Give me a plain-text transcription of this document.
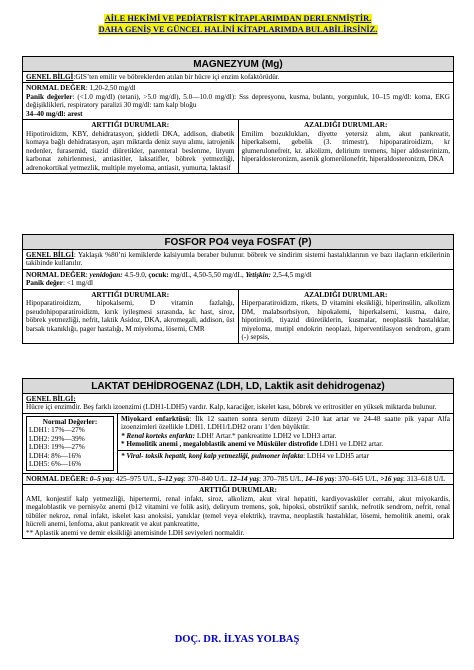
AİLE HEKİMİ VE PEDİATRİST KİTAPLARIMDAN DERLENMİŞTİR.
DAHA GENİŞ VE GÜNCEL HALİNİ KİTAPLARIMDA BULABİLİRSİNİZ.
MAGNEZYUM (Mg)
GENEL BİLGİ:GIS’ten emilir ve böbreklerden atılan bir hücre içi enzim kofaktörüdür.
NORMAL DEĞER: 1,20-2,50 mg/dl
Panik değerler: (<1.0 mg/dl) (tetani), >5.0 mg/dl), 5.0—10.0 mg/dl): Sss depresyonu, kusma, bulantı, yorgunluk, 10–15 mg/dl: koma, EKG değişiklikleri, respiratory paralizi 30 mg/dl: tam kalp bloğu
34–40 mg/dl: arest
ARTTIĞI DURUMLAR:
Hipotiroidizm, KBY, dehidratasyon, şiddetli DKA, addison, diabetik komayа bağlı dehidratasyon, aşırı miktarda deniz suyu alımı, iatrojenik nedenler, furasemid, tiazid diüretikler, parenteral beslenme, lityum karbonat zehirlenmesi, antiasitler, laksatifler, böbrek yetmezliği, adrenokortikal yetmezlik, multiple myeloma, antiasit, yumurta, laktasif
AZALDIĞI DURUMLAR:
Emilim bozuklukları, diyette yetersiz alım, akut pankreatit, hiperkalsemi, gebelik (3. trimestr), hipoparatiroidizm, kr glumerulonefreit, kr. alkolizm, delirium tremens, hiper aldosterinizm, hiperaldosteronizm, asenik glomerülonefrit, hiperaldosteronizm, DKA
FOSFOR PO4 veya FOSFAT (P)
GENEL BİLGİ: Yaklaşık %80’ni kemiklerde kalsiyumla beraber bulunur. böbrek ve sindirim sistemi hastalıklarının ve bazı ilaçların etkilerinin takibinde kullanılır.
NORMAL DEĞER: yenidoğan: 4.5-9.0, çocuk: mg/dL, 4,50-5,50 mg/dL, Yetişkin: 2,5-4,5 mg/dl
Panik değer: <1 mg/dl
ARTTIĞI DURUMLAR:
Hipoparatiroidizm, hipokalsemi, D vitamin fazlalığı, pseudohipoparatiroidizm, kırık iyileşmesi sırasında, kc hast, siroz, böbrek yetmezliği, nefrit, laktik Asidoz, DKA, akromegali, addison, üst barsak tıkanıklığı, pager hastalığı, M miyeloma, lösemi, CMR
AZALDIĞI DURUMLAR:
Hiperparatiroidizm, rikets, D vitamini eksikliği, hiperinsülin, alkolizm DM, malabsorbsiyon, hipokalemi, hiperkalsemi, kusma, daire, hipotiroidi, tiyazid diüretiklerin, kusmalar, neoplastik hastalıklar, miyeloma, mutipl endokrin neoplazi, hiperventilasyon sendrom, gram (-) sepsis,
LAKTAT DEHİDROGENAZ (LDH, LD, Laktik asit dehidrogenaz)
GENEL BİLGİ:
Hücre içi enzimdir. Beş farklı izoenzimi (LDH1-LDH5) vardır. Kalp, karaciğer, iskelet kası, böbrek ve eritrositler en yüksek miktarda bulunur.
Normal Değerler:
LDH1: 17%—27%
LDH2: 29%—39%
LDH3: 19%—27%
LDH4: 8%—16%
LDH5: 6%—16%
Miyokard enfarktüsü: İlk 12 saatten sonra serum düzeyi 2-10 kat artar ve 24-48 saatte pik yapar Alfa izoenzimleri özellikle LDH1. LDH1/LDH2 oranı 1’den büyüktür.
* Renal korteks enfarktı: LDH! Artar.* pankreatitte LDH2 ve LDH3 artar.
* Hemolitik anemi , megaloblastik anemi ve Müsküler distrofide LDH1 ve LDH2 artar.
* Viral- toksik hepatit, konj kalp yetmezliği, pulmoner infakta: LDH4 ve LDH5 artar
NORMAL DEĞER: 0–5 yaş: 425–975 U/L, 5–12 yaş: 370–840 U/L. 12–14 yaş: 370–785 U/L, 14–16 yaş: 370–645 U/L, >16 yaş: 313–618 U/L
ARTTIĞI DURUMLAR:
AMI, konjestif kalp yetmezliği, hipertermi, renal infakt, siroz, alkolizm, akut viral hepatiti, kardiyovasküler cerrahi, akut miyokardis, megaloblastik ve pernisyöz anemi (b12 vitamini ve folik asit), deliryum tremens, şok, hipoksi, obstrüktif sarılık, nefrotik sendrom, nefrit, renal tübüler nekroz, renal infakt, iskelet kası anoksisi, yanıklar (temel veya elektrik), travma, neoplastik hastalıklar, lösemi, hemolitik anemi, orak hücreli anemi, lenfoma, akut pankreatit ve akut pankreatitte,
** Aplastik anemi ve demir eksikliği anemisinde LDH seviyeleri normaldir.
DOÇ. DR. İLYAS YOLBAŞ
